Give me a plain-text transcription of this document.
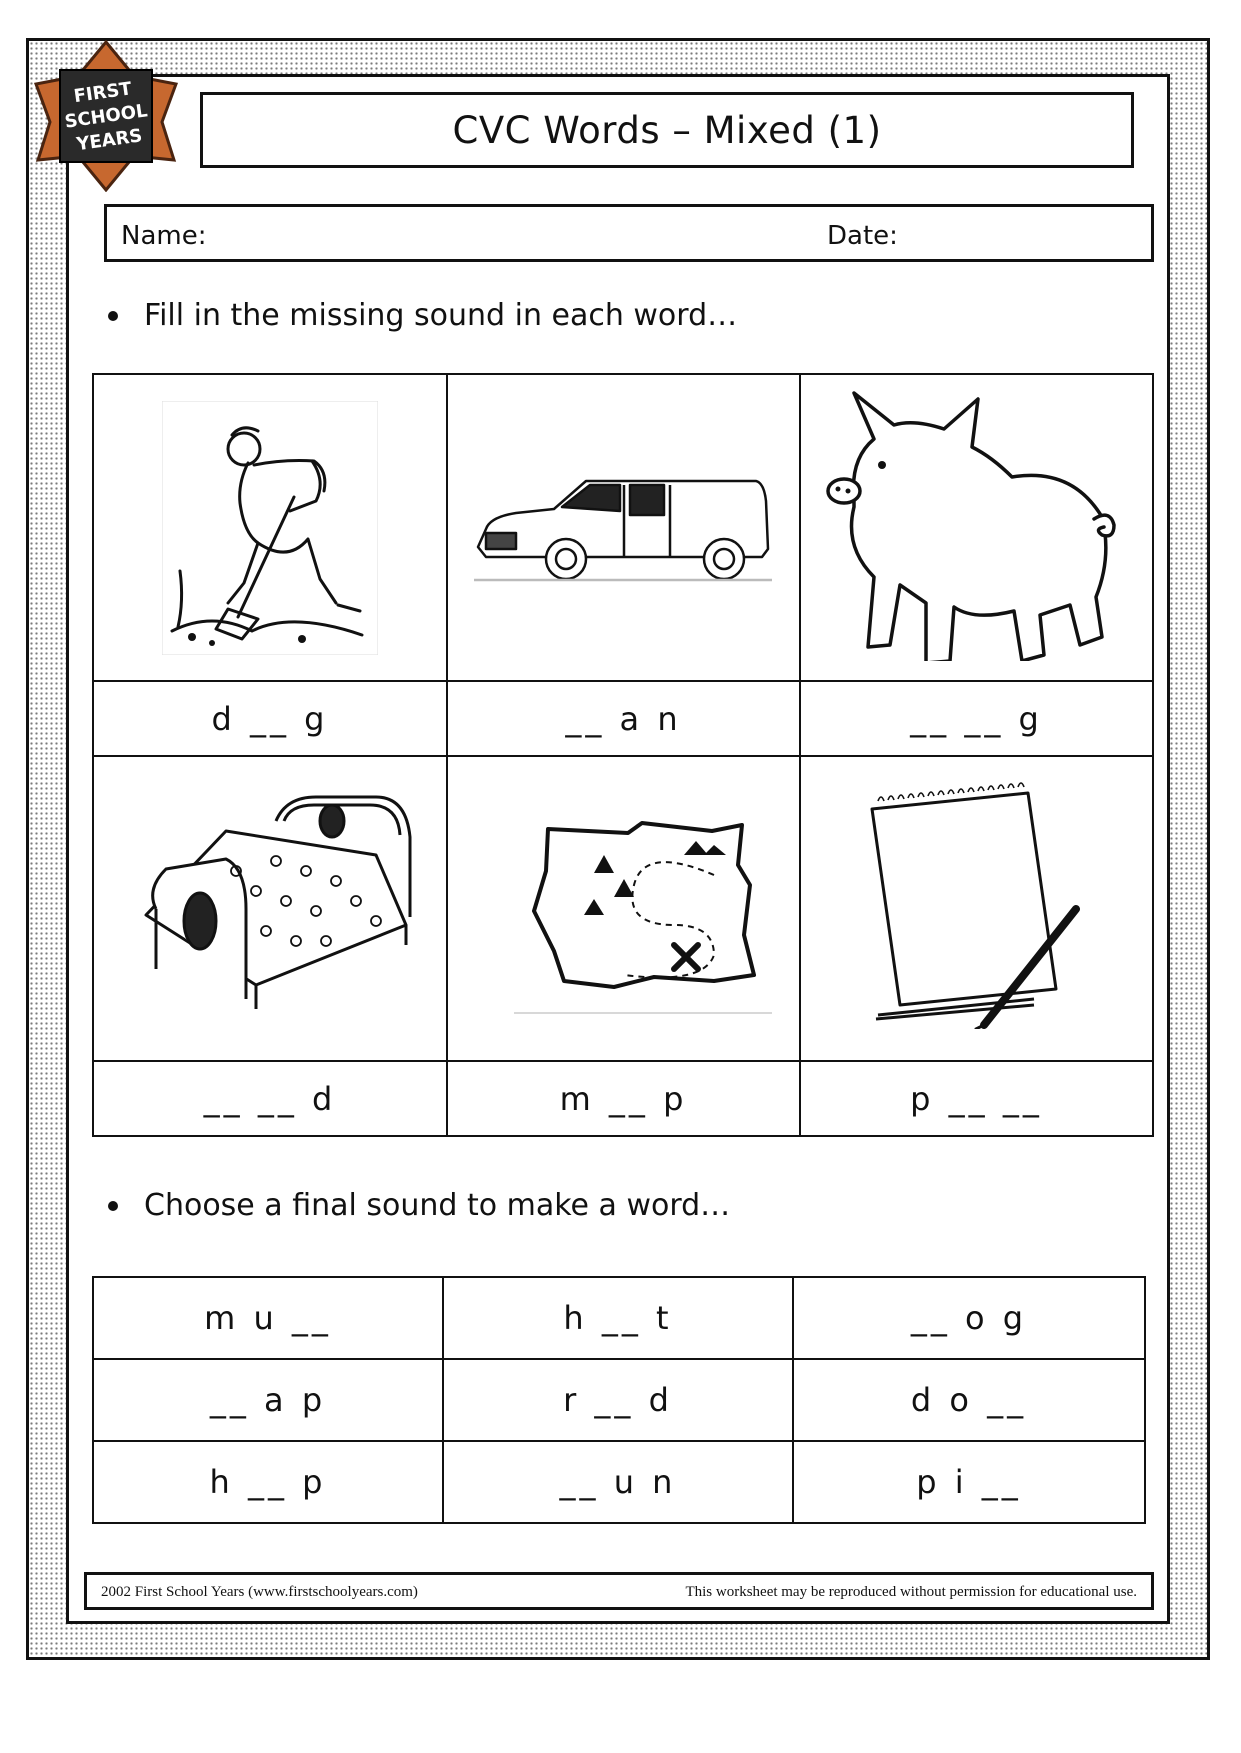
FIRST
SCHOOL
YEARS	CVC Words – Mixed (1)
Name:	Date:
Fill in the missing sound in each word…
d __ g	__ a n	__ __ g
__ __ d	m __ p	p __ __
Choose a final sound to make a word…
m u __	h __ t	__ o g
__ a p	r __ d	d o __
h __ p	__ u n	p i __
2002 First School Years (www.firstschoolyears.com)	This worksheet may be reproduced without permission for educational use.
